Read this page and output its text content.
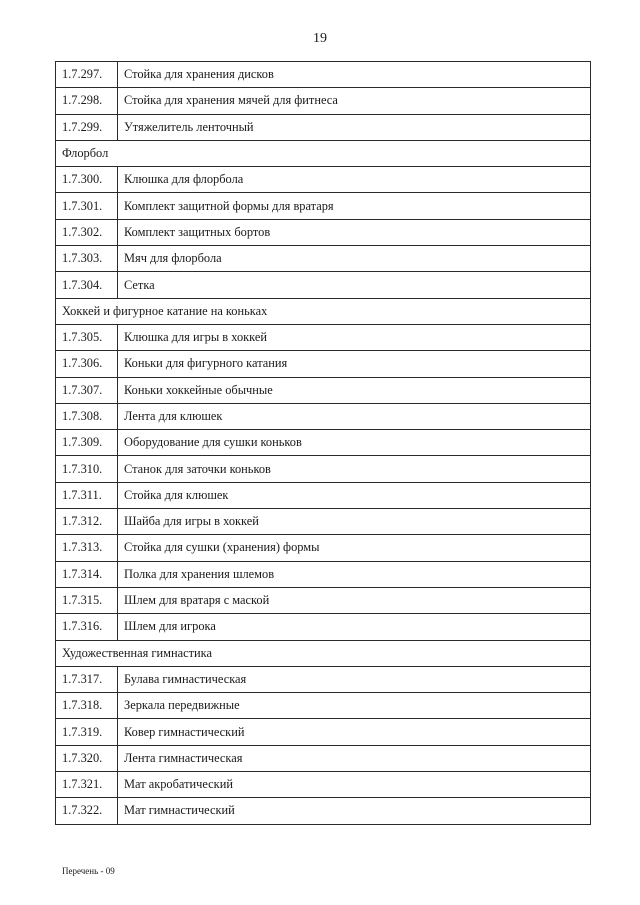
19
1.7.297.	Стойка для хранения дисков
1.7.298.	Стойка для хранения мячей для фитнеса
1.7.299.	Утяжелитель ленточный
Флорбол	
1.7.300.	Клюшка для флорбола
1.7.301.	Комплект защитной формы для вратаря
1.7.302.	Комплект защитных бортов
1.7.303.	Мяч для флорбола
1.7.304.	Сетка
Хоккей и фигурное катание на коньках	
1.7.305.	Клюшка для игры в хоккей
1.7.306.	Коньки для фигурного катания
1.7.307.	Коньки хоккейные обычные
1.7.308.	Лента для клюшек
1.7.309.	Оборудование для сушки коньков
1.7.310.	Станок для заточки коньков
1.7.311.	Стойка для клюшек
1.7.312.	Шайба для игры в хоккей
1.7.313.	Стойка для сушки (хранения) формы
1.7.314.	Полка для хранения шлемов
1.7.315.	Шлем для вратаря с маской
1.7.316.	Шлем для игрока
Художественная гимнастика	
1.7.317.	Булава гимнастическая
1.7.318.	Зеркала передвижные
1.7.319.	Ковер гимнастический
1.7.320.	Лента гимнастическая
1.7.321.	Мат акробатический
1.7.322.	Мат гимнастический
Перечень - 09
